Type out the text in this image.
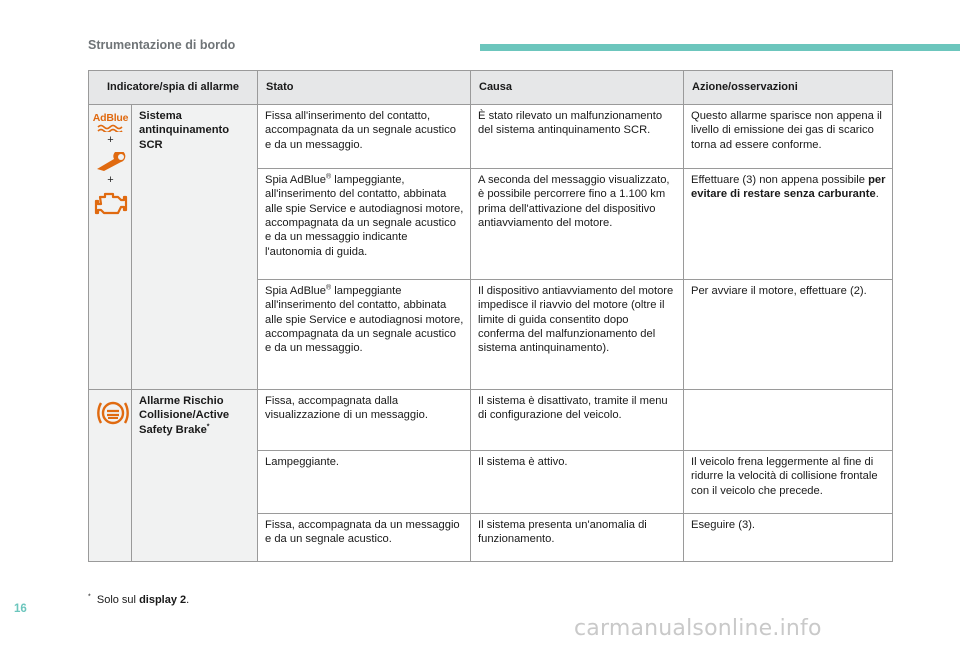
Strumentazione di bordo
Indicatore/spia di allarme		Stato	Causa	Azione/osservazioni

AdBlue
+
+	Sistema antinquinamento SCR	Fissa all'inserimento del contatto, accompagnata da un segnale acustico e da un messaggio.	È stato rilevato un malfunzionamento del sistema antinquinamento SCR.	Questo allarme sparisce non appena il livello di emissione dei gas di scarico torna ad essere conforme.
		Spia AdBlue® lampeggiante, all'inserimento del contatto, abbinata alle spie Service e autodiagnosi motore, accompagnata da un segnale acustico e da un messaggio indicante l'autonomia di guida.	A seconda del messaggio visualizzato, è possibile percorrere fino a 1.100 km prima dell'attivazione del dispositivo antiavviamento del motore.	Effettuare (3) non appena possibile per evitare di restare senza carburante.
		Spia AdBlue® lampeggiante all'inserimento del contatto, abbinata alle spie Service e autodiagnosi motore, accompagnata da un segnale acustico e da un messaggio.	Il dispositivo antiavviamento del motore impedisce il riavvio del motore (oltre il limite di guida consentito dopo conferma del malfunzionamento del sistema antinquinamento).	Per avviare il motore, effettuare (2).
	Allarme Rischio Collisione/Active Safety Brake*	Fissa, accompagnata dalla visualizzazione di un messaggio.	Il sistema è disattivato, tramite il menu di configurazione del veicolo.	
		Lampeggiante.	Il sistema è attivo.	Il veicolo frena leggermente al fine di ridurre la velocità di collisione frontale con il veicolo che precede.
		Fissa, accompagnata da un messaggio e da un segnale acustico.	Il sistema presenta un'anomalia di funzionamento.	Eseguire (3).
* Solo sul display 2.
16
carmanualsonline.info
